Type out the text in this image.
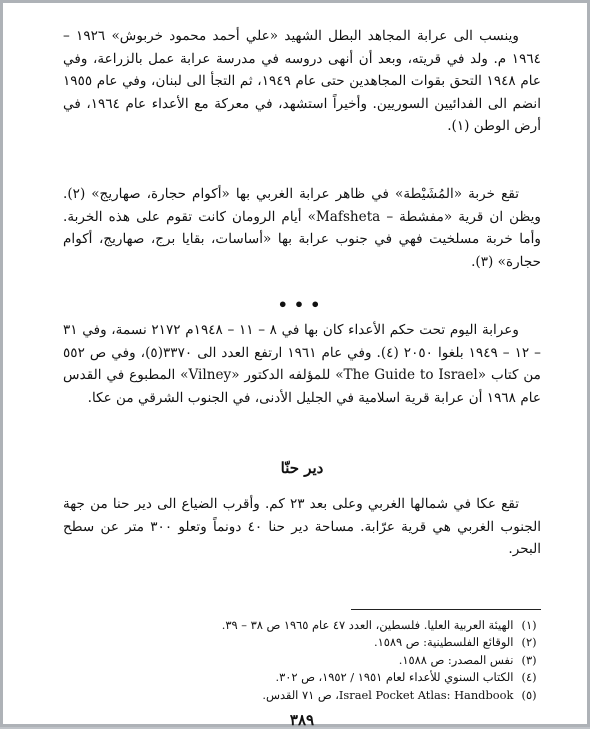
وينسب الى عرابة المجاهد البطل الشهيد «علي أحمد محمود خربوش» ١٩٢٦ – ١٩٦٤ م. ولد في قريته، وبعد أن أنهى دروسه في مدرسة عرابة عمل بالزراعة، وفي عام ١٩٤٨ التحق بقوات المجاهدين حتى عام ١٩٤٩، ثم التجأ الى لبنان، وفي عام ١٩٥٥ انضم الى الفدائيين السوريين. وأخيراً استشهد، في معركة مع الأعداء عام ١٩٦٤، في أرض الوطن (١).

تقع خربة «المُشَيْطة» في ظاهر عرابة الغربي بها «أكوام حجارة، صهاريج» (٢). ويظن ان قرية «مفشطة – Mafsheta» أيام الرومان كانت تقوم على هذه الخربة. وأما خربة مسلخيت فهي في جنوب عرابة بها «أساسات، بقايا برج، صهاريج، أكوام حجارة» (٣).

•••

وعرابة اليوم تحت حكم الأعداء كان بها في ٨ – ١١ – ١٩٤٨م ٢١٧٢ نسمة، وفي ٣١ – ١٢ – ١٩٤٩ بلغوا ٢٠٥٠ (٤). وفي عام ١٩٦١ ارتفع العدد الى ٣٣٧٠(٥)، وفي ص ٥٥٢ من كتاب «The Guide to Israel» للمؤلفه الدكتور «Vilney» المطبوع في القدس عام ١٩٦٨ أن عرابة قرية اسلامية في الجليل الأدنى، في الجنوب الشرقي من عكا.

دير حنّا

تقع عكا في شمالها الغربي وعلى بعد ٢٣ كم. وأقرب الضياع الى دير حنا من جهة الجنوب الغربي هي قرية عرّابة. مساحة دير حنا ٤٠ دونماً وتعلو ٣٠٠ متر عن سطح البحر.

(١) الهيئة العربية العليا. فلسطين، العدد ٤٧ عام ١٩٦٥ ص ٣٨ – ٣٩.
(٢) الوقائع الفلسطينية: ص ١٥٨٩.
(٣) نفس المصدر: ص ١٥٨٨.
(٤) الكتاب السنوي للأعداء لعام ١٩٥١ / ١٩٥٢، ص ٣٠٢.
(٥) Israel Pocket Atlas: Handbook، ص ٧١ القدس.
٣٨٩
